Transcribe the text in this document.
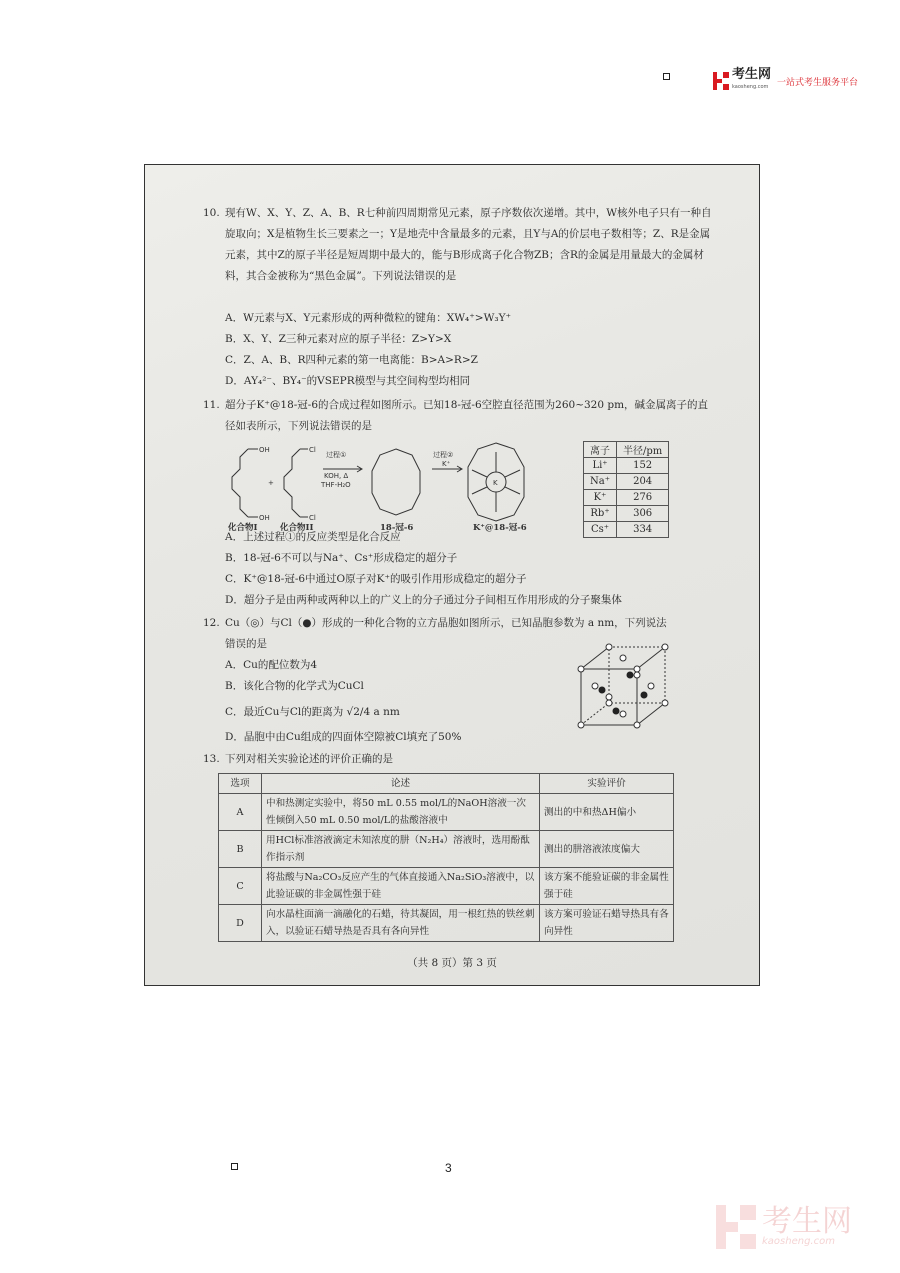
考生网
kaosheng.com 一站式考生服务平台
10. 现有W、X、Y、Z、A、B、R七种前四周期常见元素，原子序数依次递增。其中，W核外电子只有一种自旋取向；X是植物生长三要素之一；Y是地壳中含量最多的元素，且Y与A的价层电子数相等；Z、R是金属元素，其中Z的原子半径是短周期中最大的，能与B形成离子化合物ZB；含R的金属是用量最大的金属材料，其合金被称为“黑色金属”。下列说法错误的是
A．W元素与X、Y元素形成的两种微粒的键角：XW₄⁺>W₃Y⁺
B．X、Y、Z三种元素对应的原子半径：Z>Y>X
C．Z、A、B、R四种元素的第一电离能：B>A>R>Z
D．AY₄²⁻、BY₄⁻的VSEPR模型与其空间构型均相同
11. 超分子K⁺@18-冠-6的合成过程如图所示。已知18-冠-6空腔直径范围为260~320 pm，碱金属离子的直径如表所示，下列说法错误的是
OH
OH
Cl
Cl
+
过程①
KOH, Δ
THF-H₂O
过程②
K⁺
K
化合物I	化合物II	18-冠-6	K⁺@18-冠-6
离子	半径/pm
Li⁺	152
Na⁺	204
K⁺	276
Rb⁺	306
Cs⁺	334
A．上述过程①的反应类型是化合反应
B．18-冠-6不可以与Na⁺、Cs⁺形成稳定的超分子
C．K⁺@18-冠-6中通过O原子对K⁺的吸引作用形成稳定的超分子
D．超分子是由两种或两种以上的广义上的分子通过分子间相互作用形成的分子聚集体
12. Cu（◎）与Cl（●）形成的一种化合物的立方晶胞如图所示，已知晶胞参数为 a nm，下列说法错误的是
A．Cu的配位数为4
B．该化合物的化学式为CuCl
C．最近Cu与Cl的距离为 √2/4 a nm
D．晶胞中由Cu组成的四面体空隙被Cl填充了50%
13. 下列对相关实验论述的评价正确的是
选项	论述	实验评价
A	中和热测定实验中，将50 mL 0.55 mol/L的NaOH溶液一次性倾倒入50 mL 0.50 mol/L的盐酸溶液中	测出的中和热ΔH偏小
B	用HCl标准溶液滴定未知浓度的肼（N₂H₄）溶液时，选用酚酞作指示剂	测出的肼溶液浓度偏大
C	将盐酸与Na₂CO₃反应产生的气体直接通入Na₂SiO₃溶液中，以此验证碳的非金属性强于硅	该方案不能验证碳的非金属性强于硅
D	向水晶柱面滴一滴融化的石蜡，待其凝固，用一根红热的铁丝刺入，以验证石蜡导热是否具有各向异性	该方案可验证石蜡导热具有各向异性
（共 8 页）第 3 页
3
考生网
kaosheng.com
